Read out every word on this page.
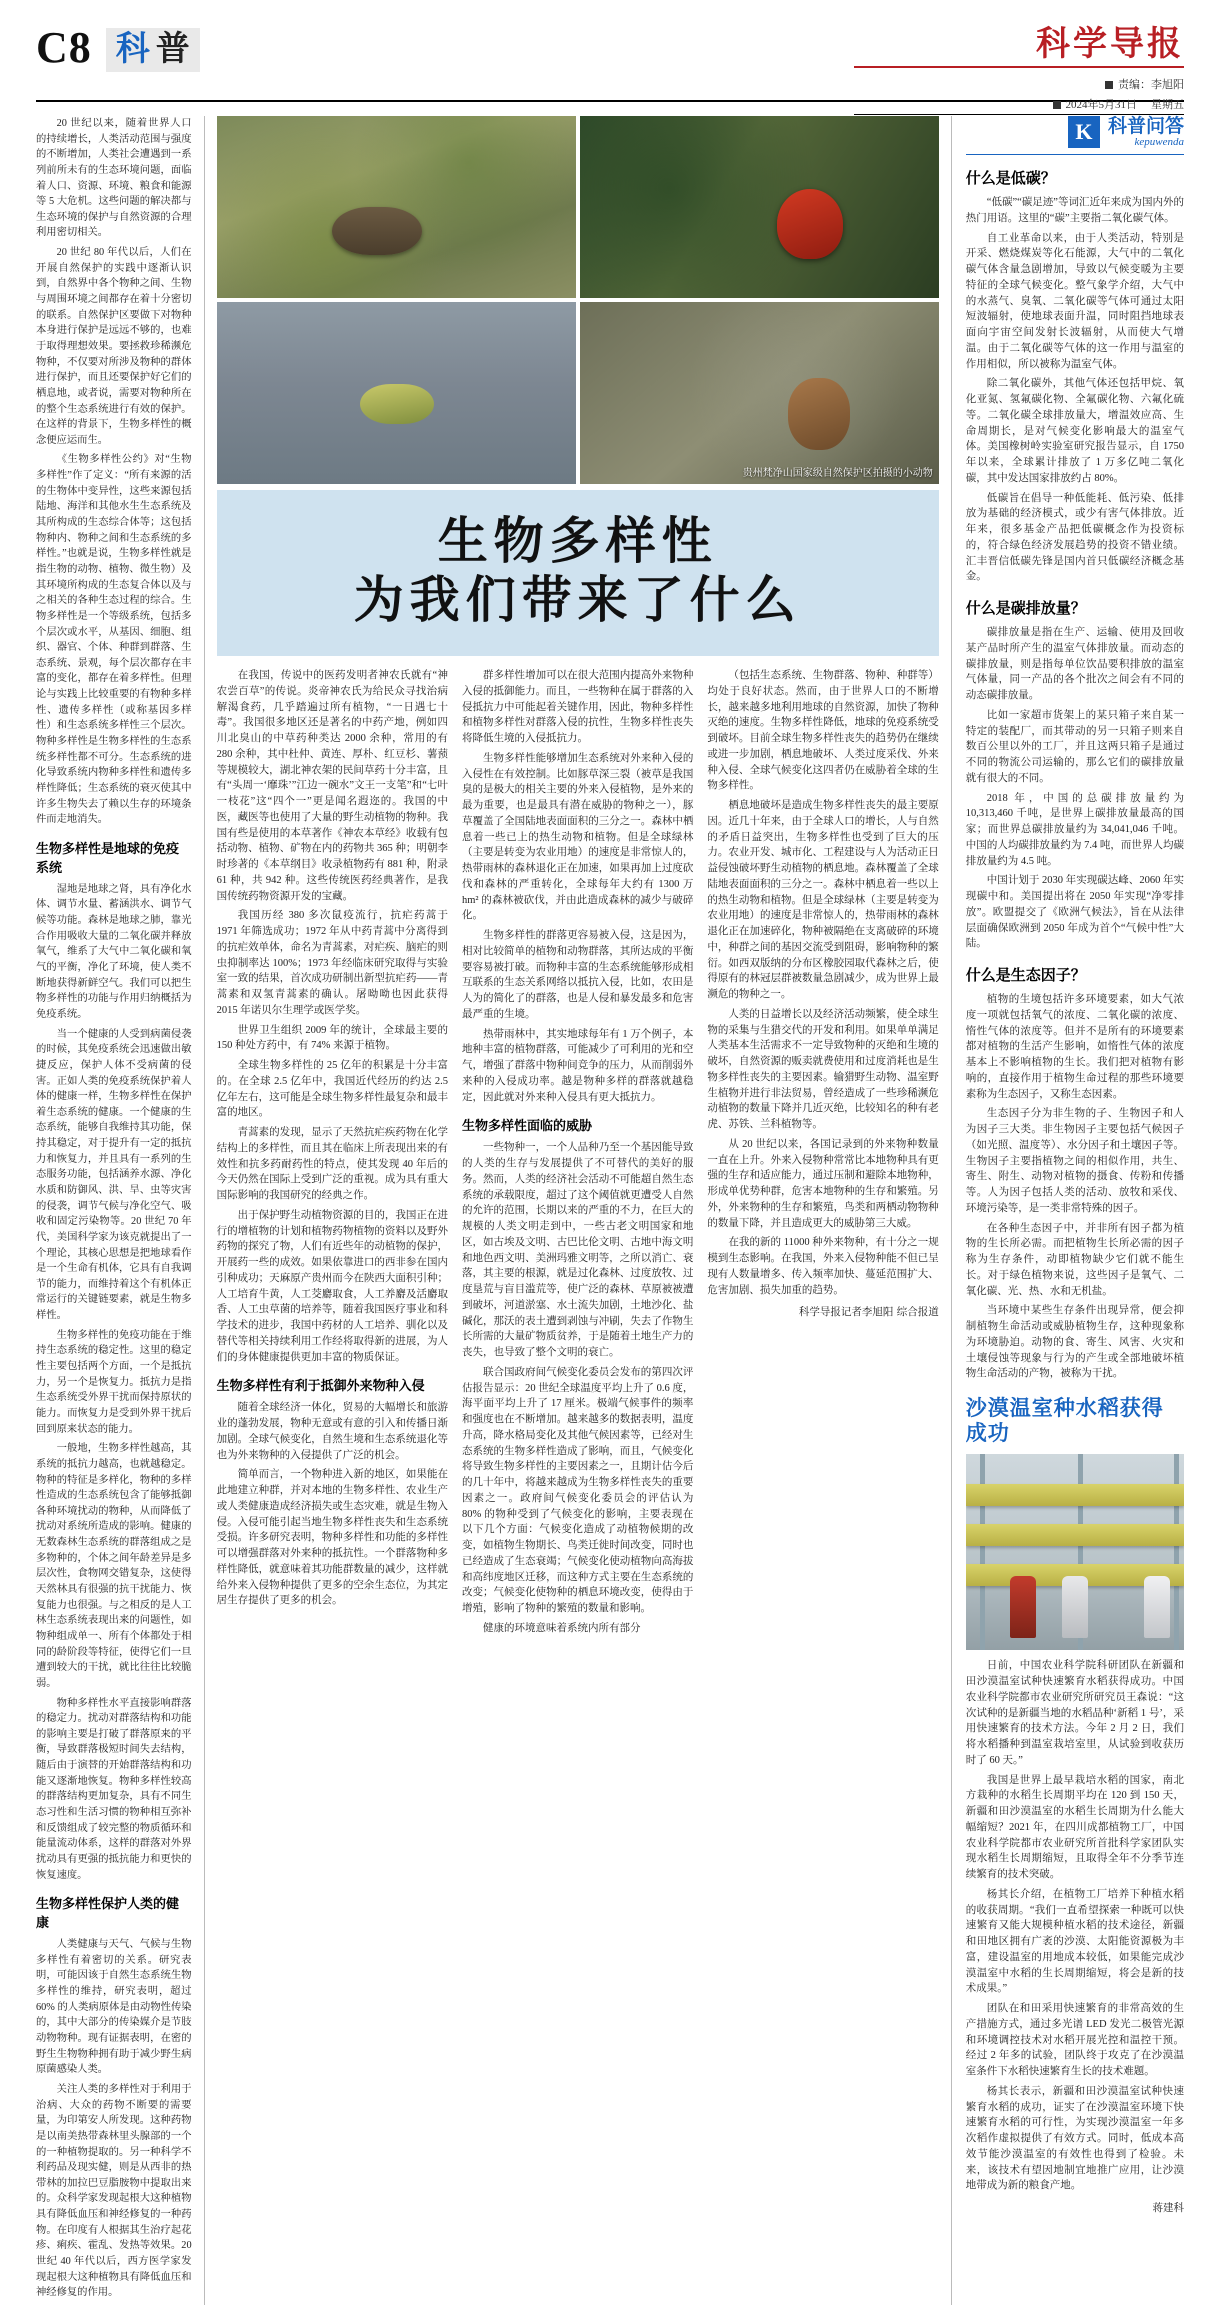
C8 科 普	科学导报
责编：李旭阳
2024年5月31日 星期五

20 世纪以来，随着世界人口的持续增长，人类活动范围与强度的不断增加，人类社会遭遇到一系列前所未有的生态环境问题，面临着人口、资源、环境、粮食和能源等 5 大危机。这些问题的解决都与生态环境的保护与自然资源的合理利用密切相关。

20 世纪 80 年代以后，人们在开展自然保护的实践中逐渐认识到，自然界中各个物种之间、生物与周围环境之间都存在着十分密切的联系。自然保护区要做下对物种本身进行保护是远远不够的，也难于取得理想效果。要拯救珍稀濒危物种，不仅要对所涉及物种的群体进行保护，而且还要保护好它们的栖息地，或者说，需要对物种所在的整个生态系统进行有效的保护。在这样的背景下，生物多样性的概念便应运而生。

《生物多样性公约》对“生物多样性”作了定义：“所有来源的活的生物体中变异性，这些来源包括陆地、海洋和其他水生生态系统及其所构成的生态综合体等；这包括物种内、物种之间和生态系统的多样性。”也就是说，生物多样性就是指生物的动物、植物、微生物）及其环境所构成的生态复合体以及与之相关的各种生态过程的综合。生物多样性是一个等级系统，包括多个层次或水平，从基因、细胞、组织、器官、个体、种群到群落、生态系统、景观，每个层次都存在丰富的变化，都存在着多样性。但理论与实践上比较重要的有物种多样性、遗传多样性（或称基因多样性）和生态系统多样性三个层次。物种多样性是生物多样性的生态系统多样性都不可分。生态系统的进化导致系统内物种多样性和遗传多样性降低；生态系统的衰灭使其中许多生物失去了赖以生存的环境条件而走地消失。

生物多样性是地球的免疫系统

湿地是地球之肾，具有净化水体、调节水量、蓄涵洪水、调节气候等功能。森林是地球之肺，靠光合作用吸收大量的二氧化碳并释放氧气，维系了大气中二氧化碳和氧气的平衡，净化了环境，使人类不断地获得新鲜空气。我们可以把生物多样性的功能与作用归纳概括为免疫系统。

当一个健康的人受到病菌侵袭的时候，其免疫系统会迅速做出敏捷反应，保护人体不受病菌的侵害。正如人类的免疫系统保护着人体的健康一样，生物多样性在保护着生态系统的健康。一个健康的生态系统，能够自我维持其功能，保持其稳定，对于提升有一定的抵抗力和恢复力，并且具有一系列的生态服务功能，包括涵养水源、净化水质和防御风、洪、旱、虫等灾害的侵袭，调节气候与净化空气、吸收和固定污染物等。20 世纪 70 年代，美国科学家为该克就提出了一个理论，其核心思想是把地球看作是一个生命有机体，它具有自我调节的能力，而维持着这个有机体正常运行的关键链要素，就是生物多样性。

生物多样性的免疫功能在于维持生态系统的稳定性。这里的稳定性主要包括两个方面，一个是抵抗力，另一个是恢复力。抵抗力是指生态系统受外界干扰而保持原状的能力。而恢复力是受到外界干扰后回到原来状态的能力。

一般地，生物多样性越高，其系统的抵抗力越高，也就越稳定。物种的特征是多样化，物种的多样性造成的生态系统包含了能够抵御各种环境扰动的物种，从而降低了扰动对系统所造成的影响。健康的无数森林生态系统的群落组成之是多物种的，个体之间年龄差异是多层次性，食物网交错复杂，这使得天然林具有很强的抗干扰能力、恢复能力也很强。与之相反的是人工林生态系统表现出来的问题性，如物种组成单一、所有个体都处于相同的龄阶段等特征，使得它们一旦遭到较大的干扰，就比往往比较脆弱。

物种多样性水平直接影响群落的稳定力。扰动对群落结构和功能的影响主要是打破了群落原来的平衡，导致群落极短时间失去结构，随后由于演替的开始群落结构和功能又逐渐地恢复。物种多样性较高的群落结构更加复杂，具有不同生态习性和生活习惯的物种相互弥补和反馈组成了较完整的物质循环和能量流动体系，这样的群落对外界扰动具有更强的抵抗能力和更快的恢复速度。

生物多样性保护人类的健康

人类健康与天气、气候与生物多样性有着密切的关系。研究表明，可能因该于自然生态系统生物多样性的维持，研究表明，超过 60% 的人类病原体是由动物性传染的，其中大部分的传染媒介是节肢动物物种。现有证据表明，在密的野生生物物种拥有助于减少野生病原菌感染人类。

关注人类的多样性对于利用于治病、大众的药物不断要的需要量，为印第安人所发现。这种药物是以南美热带森林里头腺部的一个的一种植物提取的。另一种科学不利药品及现实健，则是从西非的热带林的加拉巴豆脂胺物中提取出来的。众科学家发现起根大这种植物具有降低血压和神经修复的一种药物。在印度有人根据其生治疗起花疹、痢疾、霍乱、发热等效果。20 世纪 40 年代以后，西方医学家发现起根大这种植物具有降低血压和神经修复的作用。

贵州梵净山国家级自然保护区拍摄的小动物
生物多样性
为我们带来了什么

在我国，传说中的医药发明者神农氏就有“神农尝百草”的传说。炎帝神农氏为给民众寻找治病解渴食药，几乎踏遍过所有植物，“一日遇七十毒”。我国很多地区还是著名的中药产地，例如四川北臭山的中草药种类达 2000 余种，常用的有 280 余种，其中杜仲、黄连、厚朴、红豆杉、薯蓣等规模较大，湖北神农架的民间草药十分丰富，且有“头周一‘靡珠’”江边一碗水”文王一支笔”和“七叶一枝花”这“四个一”更是闻名遐迩的。我国的中医，藏医等也使用了大量的野生动植物的物种。我国有些是使用的本草著作《神农本草经》收载有包括动物、植物、矿物在内的药物共 365 种；明朝李时珍著的《本草纲目》收录植物药有 881 种，附录 61 种，共 942 种。这些传统医药经典著作，是我国传统药物资源开发的宝藏。

我国历经 380 多次鼠疫流行，抗疟药蒿于 1971 年筛选成功；1972 年从中药青蒿中分离得到的抗疟效单体，命名为青蒿素，对疟疾、脑疟的则虫抑制率达 100%；1973 年经临床研究取得与实验室一致的结果，首次成功研制出新型抗疟药——青蒿素和双氢青蒿素的确认。屠呦呦也因此获得 2015 年诺贝尔生理学或医学奖。

世界卫生组织 2009 年的统计，全球最主要的 150 种处方药中，有 74% 来源于植物。

全球生物多样性的 25 亿年的积累是十分丰富的。在全球 2.5 亿年中，我国近代经历的约达 2.5 亿年左右，这可能是全球生物多样性最复杂和最丰富的地区。

青蒿素的发现，显示了天然抗疟疾药物在化学结构上的多样性，而且其在临床上所表现出来的有效性和抗多药耐药性的特点，使其发现 40 年后的今天仍然在国际上受到广泛的重视。成为具有重大国际影响的我国研究的经典之作。

出于保护野生动植物资源的目的，我国正在进行的增植物的计划和植物药物植物的资料以及野外药物的探究了物，人们有近些年的动植物的保护，开展药一些的成效。如果依靠进口的西非参在国内引种成功；天麻原产贵州而今在陕西大面积引种；人工培育牛黄，人工茭麝取食，人工养麝及活麝取香、人工虫草菌的培养等，随着我国医疗事业和科学技术的进步，我国中药材的人工培养、驯化以及替代等相关持续利用工作经将取得新的进展，为人们的身体健康提供更加丰富的物质保证。

生物多样性有利于抵御外来物种入侵

随着全球经济一体化，贸易的大幅增长和旅游业的蓬勃发展，物种无意或有意的引入和传播日渐加剧。全球气候变化，自然生境和生态系统退化等也为外来物种的入侵提供了广泛的机会。

简单而言，一个物种进入新的地区，如果能在此地建立种群，并对本地的生物多样性、农业生产或人类健康造成经济损失或生态灾难，就是生物入侵。入侵可能引起当地生物多样性丧失和生态系统受损。许多研究表明，物种多样性和功能的多样性可以增强群落对外来种的抵抗性。一个群落物种多样性降低，就意味着其功能群数量的减少，这样就给外来入侵物种提供了更多的空余生态位，为其定居生存提供了更多的机会。

群多样性增加可以在很大范围内提高外来物种入侵的抵御能力。而且，一些物种在属于群落的入侵抵抗力中可能起着关键作用，因此，物种多样性和植物多样性对群落入侵的抗性，生物多样性丧失将降低生境的入侵抵抗力。

生物多样性能够增加生态系统对外来种入侵的入侵性在有效控制。比如豚草深三裂（被草是我国臭的是极大的相关主要的外来入侵植物，是外来的最为重要，也是最具有潜在威胁的物种之一），豚草覆盖了全国陆地表面面积的三分之一。森林中栖息着一些已上的热生动物和植物。但是全球绿林（主要是转变为农业用地）的速度是非常惊人的，热带雨林的森林退化正在加速，如果再加上过度砍伐和森林的严重转化，全球每年大约有 1300 万 hm² 的森林被砍伐，并由此造成森林的减少与破碎化。

生物多样性的群落更容易被入侵，这是因为，相对比较简单的植物和动物群落，其所达成的平衡要容易被打破。而物种丰富的生态系统能够形成相互联系的生态关系网络以抵抗入侵，比如，农田是人为的简化了的群落，也是人侵和暴发最多和危害最严重的生境。

热带雨林中，其实地球每年有 1 万个例子，本地种丰富的植物群落，可能减少了可利用的光和空气，增强了群落中物种间竞争的压力，从而削弱外来种的入侵成功率。越是物种多样的群落就越稳定，因此就对外来种入侵具有更大抵抗力。

生物多样性面临的威胁

一些物种一，一个人品种乃至一个基因能导致的人类的生存与发展提供了不可替代的美好的服务。然而，人类的经济社会活动不可能超自然生态系统的承载限度，超过了这个阈值就更遭受人自然的允许的范围，长期以来的严重的不力，在巨大的规模的人类文明走到中，一些古老文明国家和地区，如古埃及文明、古巴比伦文明、古地中海文明和地色西文明、美洲玛雅文明等，之所以消亡、衰落，其主要的根源，就是过化森林、过度放牧、过度垦荒与盲目滥荒等，使广泛的森林、草原被被遭到破坏，河道淤塞、水土流失加剧，土地沙化、盐碱化，那沃的表土遭到剥蚀与冲刷，失去了作物生长所需的大量矿物质贫养，于是随着土地生产力的丧失，也导致了整个文明的衰亡。

联合国政府间气候变化委员会发布的第四次评估报告显示：20 世纪全球温度平均上升了 0.6 度，海平面平均上升了 17 厘米。极端气候事件的频率和强度也在不断增加。越来越多的数据表明，温度升高，降水格局变化及其他气候因素等，已经对生态系统的生物多样性造成了影响，而且，气候变化将导致生物多样性的主要因素之一，且期计估今后的几十年中，将越来越成为生物多样性丧失的重要因素之一。政府间气候变化委员会的评估认为 80% 的物种受到了气候变化的影响，主要表现在以下几个方面：气候变化造成了动植物候期的改变，如植物生物期长、鸟类迁徙时间改变，同时也已经造成了生态衰竭；气候变化使动植物向高海拔和高纬度地区迁移，而这种方式主要在生态系统的改变；气候变化使物种的栖息环境改变，使得由于增殖，影响了物种的繁殖的数量和影响。

健康的环境意味着系统内所有部分

（包括生态系统、生物群落、物种、种群等）均处于良好状态。然而，由于世界人口的不断增长，越来越多地利用地球的自然资源，加快了物种灭绝的速度。生物多样性降低，地球的免疫系统受到破坏。目前全球生物多样性丧失的趋势仍在继续或进一步加剧，栖息地破坏、人类过度采伐、外来种入侵、全球气候变化这四者仍在威胁着全球的生物多样性。

栖息地破坏是造成生物多样性丧失的最主要原因。近几十年来，由于全球人口的增长，人与自然的矛盾日益突出，生物多样性也受到了巨大的压力。农业开发、城市化、工程建设与人为活动正日益侵蚀破坏野生动植物的栖息地。森林覆盖了全球陆地表面面积的三分之一。森林中栖息着一些以上的热生动物和植物。但是全球绿林（主要是转变为农业用地）的速度是非常惊人的，热带雨林的森林退化正在加速碎化，物种被隔绝在支离破碎的环境中，种群之间的基因交流受到阻碍，影响物种的繁衍。如西双版纳的分布区橡胶园取代森林之后，使得原有的林冠层群被数量急剧减少，成为世界上最濒危的物种之一。

人类的日益增长以及经济活动频繁，使全球生物的采集与生猎交代的开发和利用。如果单单满足人类基本生活需求不一定导致物种的灭绝和生境的破坏，自然资源的贩卖就费使用和过度消耗也是生物多样性丧失的主要因素。输猎野生动物、温室野生植物并进行非法贸易，曾经造成了一些珍稀濒危动植物的数量下降并几近灭绝，比较知名的种有老虎、苏铁、兰科植物等。

从 20 世纪以来，各国记录到的外来物种数量一直在上升。外来入侵物种常常比本地物种具有更强的生存和适应能力，通过压制和避除本地物种，形成单优势种群，危害本地物种的生存和繁殖。另外，外来物种的生存和繁殖，鸟类和两栖动物物种的数量下降，并且造成更大的威胁第三大威。

在我的新的 11000 种外来物种，有十分之一规模到生态影响。在我国，外来入侵物种能不但已呈现有人数量增多、传入频率加快、蔓延范围扩大、危害加剧、损失加重的趋势。

科学导报记者李旭阳 综合报道
K 科普问答
kepuwenda
什么是低碳？

“低碳”“碳足迹”等词汇近年来成为国内外的热门用语。这里的“碳”主要指二氧化碳气体。

自工业革命以来，由于人类活动，特别是开采、燃烧煤炭等化石能源，大气中的二氧化碳气体含量急剧增加，导致以气候变暖为主要特征的全球气候变化。整气象学介绍，大气中的水蒸气、臭氧、二氧化碳等气体可通过太阳短波辐射，使地球表面升温，同时阻挡地球表面向宇宙空间发射长波辐射，从而使大气增温。由于二氧化碳等气体的这一作用与温室的作用相似，所以被称为温室气体。

除二氧化碳外，其他气体还包括甲烷、氧化亚氮、氢氟碳化物、全氟碳化物、六氟化硫等。二氧化碳全球排放量大，增温效应高、生命周期长，是对气候变化影响最大的温室气体。美国橡树岭实验室研究报告显示，自 1750 年以来，全球累计排放了 1 万多亿吨二氧化碳，其中发达国家排放约占 80%。

低碳旨在倡导一种低能耗、低污染、低排放为基础的经济模式，或少有害气体排放。近年来，很多基金产品把低碳概念作为投资标的，符合绿色经济发展趋势的投资不错业绩。汇丰晋信低碳先锋是国内首只低碳经济概念基金。

什么是碳排放量？

碳排放量是指在生产、运输、使用及回收某产品时所产生的温室气体排放量。而动态的碳排放量，则是指每单位饮品要积排放的温室气体量，同一产品的各个批次之间会有不同的动态碳排放量。

比如一家超市货架上的某只箱子来自某一特定的装配厂，而其带动的另一只箱子则来自数百公里以外的工厂，并且这两只箱子是通过不同的物流公司运输的，那么它们的碳排放量就有很大的不同。

2018 年，中国的总碳排放量约为 10,313,460 千吨，是世界上碳排放量最高的国家；而世界总碳排放量约为 34,041,046 千吨。中国的人均碳排放量约为 7.4 吨，而世界人均碳排放量约为 4.5 吨。

中国计划于 2030 年实现碳达峰、2060 年实现碳中和。美国提出将在 2050 年实现“净零排放”。欧盟提交了《欧洲气候法》，旨在从法律层面确保欧洲到 2050 年成为首个“气候中性”大陆。

什么是生态因子？

植物的生境包括许多环境要素，如大气浓度一项就包括氧气的浓度、二氧化碳的浓度、惰性气体的浓度等。但并不是所有的环境要素都对植物的生活产生影响，如惰性气体的浓度基本上不影响植物的生长。我们把对植物有影响的，直接作用于植物生命过程的那些环境要素称为生态因子，又称生态因素。

生态因子分为非生物的子、生物因子和人为因子三大类。非生物因子主要包括气候因子（如光照、温度等）、水分因子和土壤因子等。生物因子主要指植物之间的相似作用，共生、寄生、附生、动物对植物的摄食、传粉和传播等。人为因子包括人类的活动、放牧和采伐、环境污染等，是一类非常特殊的因子。

在各种生态因子中，并非所有因子都为植物的生长所必需。而把植物生长所必需的因子称为生存条件，动即植物缺少它们就不能生长。对于绿色植物来说，这些因子是氧气、二氧化碳、光、热、水和无机盐。

当环境中某些生存条件出现异常，便会抑制植物生命活动或威胁植物生存，这种现象称为环境胁迫。动物的食、寄生、风害、火灾和土壤侵蚀等现象与行为的产生或全部地破坏植物生命活动的产物，被称为干扰。

沙漠温室种水稻获得成功

日前，中国农业科学院科研团队在新疆和田沙漠温室试种快速繁育水稻获得成功。中国农业科学院都市农业研究所研究员王森说：“这次试种的是新疆当地的水稻品种‘新稻 1 号’，采用快速繁育的技术方法。今年 2 月 2 日，我们将水稻播种到温室栽培室里，从试验到收获历时了 60 天。”

我国是世界上最早栽培水稻的国家，南北方栽种的水稻生长周期平均在 120 到 150 天，新疆和田沙漠温室的水稻生长周期为什么能大幅缩短？2021 年，在四川成都植物工厂，中国农业科学院都市农业研究所首批科学家团队实现水稻生长周期缩短，且取得全年不分季节连续繁育的技术突破。

杨其长介绍，在植物工厂培养下种植水稻的收获周期。“我们一直希望探索一种既可以快速繁育又能大规模种植水稻的技术途径，新疆和田地区拥有广袤的沙漠、太阳能资源极为丰富，建设温室的用地成本较低，如果能完成沙漠温室中水稻的生长周期缩短，将会是新的技术成果。”

团队在和田采用快速繁育的非常高效的生产措施方式，通过多光谱 LED 发光二极管光源和环境调控技术对水稻开展光控和温控干预。经过 2 年多的试验，团队终于攻克了在沙漠温室条件下水稻快速繁育生长的技术难题。

杨其长表示，新疆和田沙漠温室试种快速繁育水稻的成功，证实了在沙漠温室环境下快速繁育水稻的可行性，为实现沙漠温室一年多次稻作虚拟提供了有效方式。同时，低成本高效节能沙漠温室的有效性也得到了检验。未来，该技术有望因地制宜地推广应用，让沙漠地带成为新的粮食产地。

蒋建科
